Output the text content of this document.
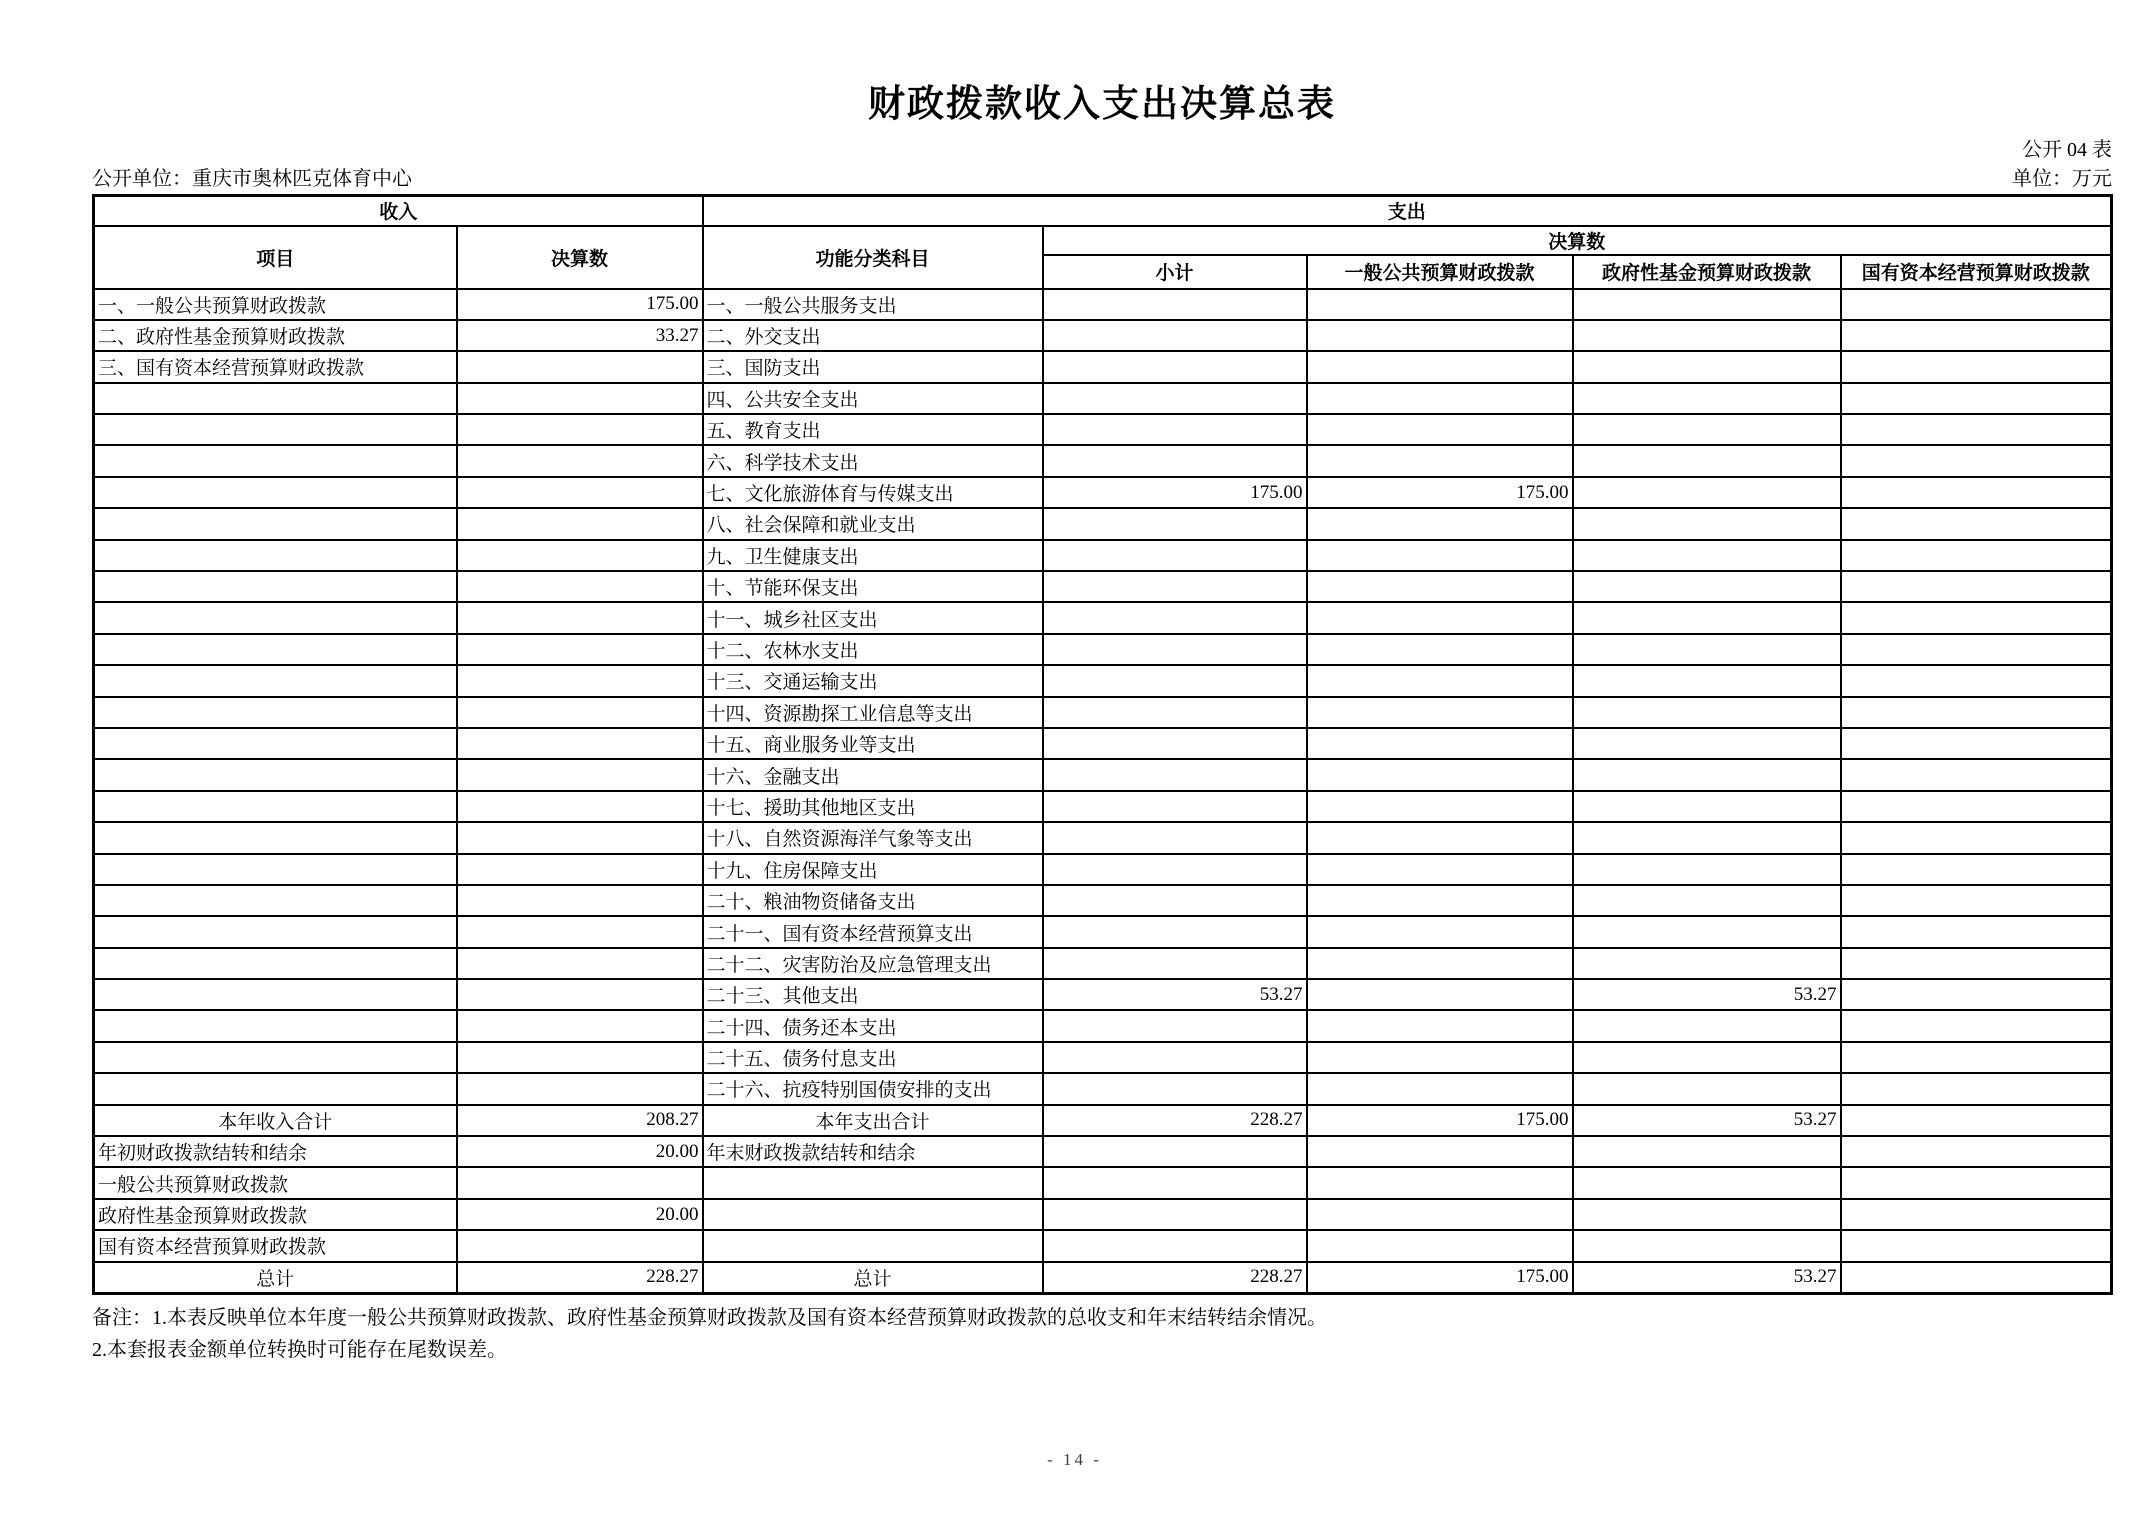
财政拨款收入支出决算总表
公开 04 表
公开单位：重庆市奥林匹克体育中心	单位：万元
收入		支出				
项目	决算数	功能分类科目	决算数			
			小计	一般公共预算财政拨款	政府性基金预算财政拨款	国有资本经营预算财政拨款
一、一般公共预算财政拨款	175.00	一、一般公共服务支出				
二、政府性基金预算财政拨款	33.27	二、外交支出				
三、国有资本经营预算财政拨款		三、国防支出				
		四、公共安全支出				
		五、教育支出				
		六、科学技术支出				
		七、文化旅游体育与传媒支出	175.00	175.00		
		八、社会保障和就业支出				
		九、卫生健康支出				
		十、节能环保支出				
		十一、城乡社区支出				
		十二、农林水支出				
		十三、交通运输支出				
		十四、资源勘探工业信息等支出				
		十五、商业服务业等支出				
		十六、金融支出				
		十七、援助其他地区支出				
		十八、自然资源海洋气象等支出				
		十九、住房保障支出				
		二十、粮油物资储备支出				
		二十一、国有资本经营预算支出				
		二十二、灾害防治及应急管理支出				
		二十三、其他支出	53.27		53.27	
		二十四、债务还本支出				
		二十五、债务付息支出				
		二十六、抗疫特别国债安排的支出				
本年收入合计	208.27	本年支出合计	228.27	175.00	53.27	
年初财政拨款结转和结余	20.00	年末财政拨款结转和结余				
一般公共预算财政拨款						
政府性基金预算财政拨款	20.00					
国有资本经营预算财政拨款						
总计	228.27	总计	228.27	175.00	53.27	
备注：1.本表反映单位本年度一般公共预算财政拨款、政府性基金预算财政拨款及国有资本经营预算财政拨款的总收支和年末结转结余情况。
2.本套报表金额单位转换时可能存在尾数误差。
- 14 -
